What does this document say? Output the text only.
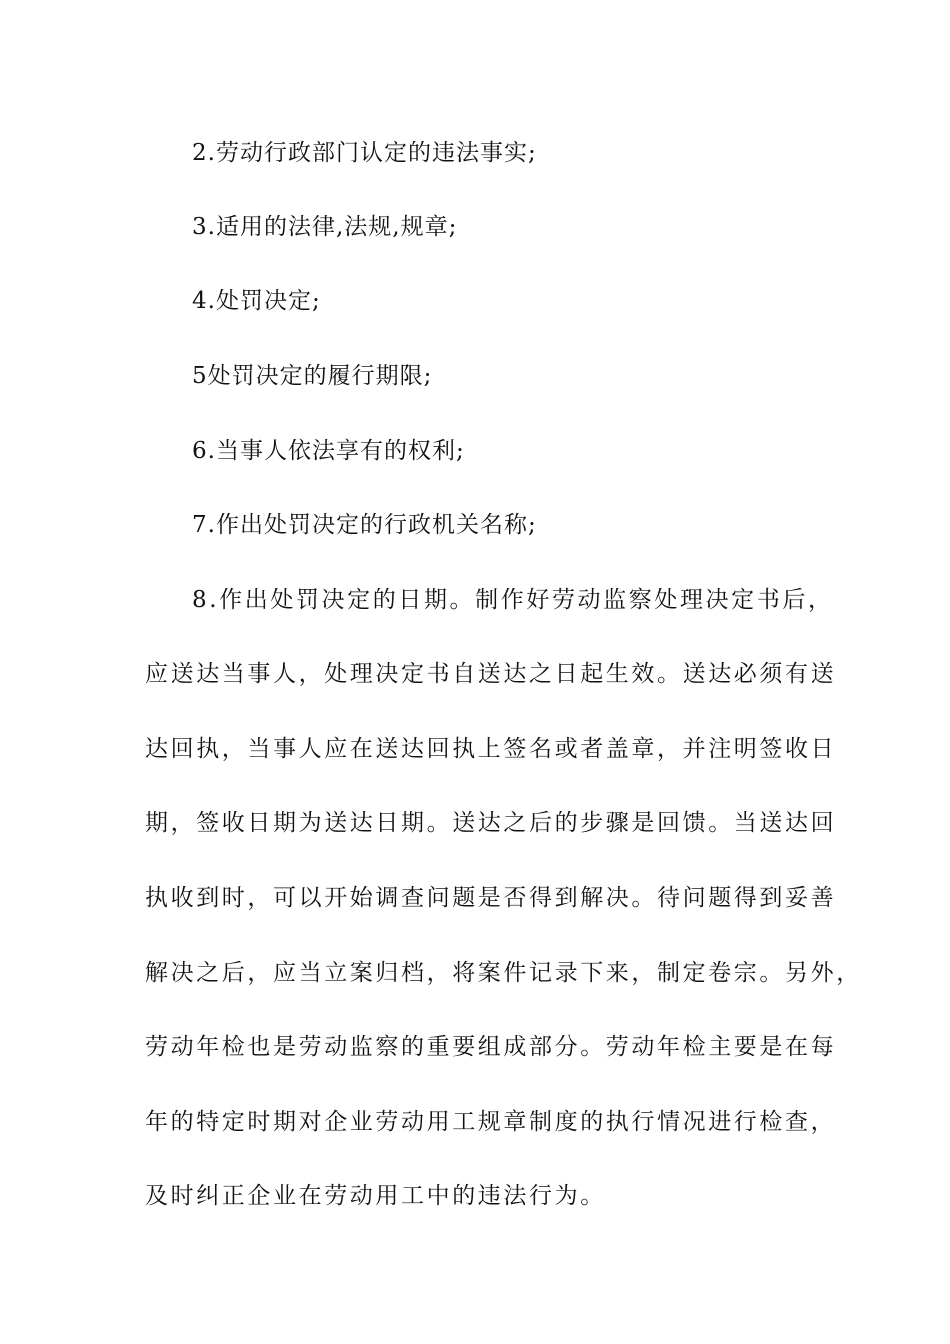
2.劳动行政部门认定的违法事实;
3.适用的法律,法规,规章;
4.处罚决定;
5处罚决定的履行期限;
6.当事人依法享有的权利;
7.作出处罚决定的行政机关名称;
8.作出处罚决定的日期。制作好劳动监察处理决定书后，
应送达当事人，处理决定书自送达之日起生效。送达必须有送
达回执，当事人应在送达回执上签名或者盖章，并注明签收日
期，签收日期为送达日期。送达之后的步骤是回馈。当送达回
执收到时，可以开始调查问题是否得到解决。待问题得到妥善
解决之后，应当立案归档，将案件记录下来，制定卷宗。另外，
劳动年检也是劳动监察的重要组成部分。劳动年检主要是在每
年的特定时期对企业劳动用工规章制度的执行情况进行检查，
及时纠正企业在劳动用工中的违法行为。
